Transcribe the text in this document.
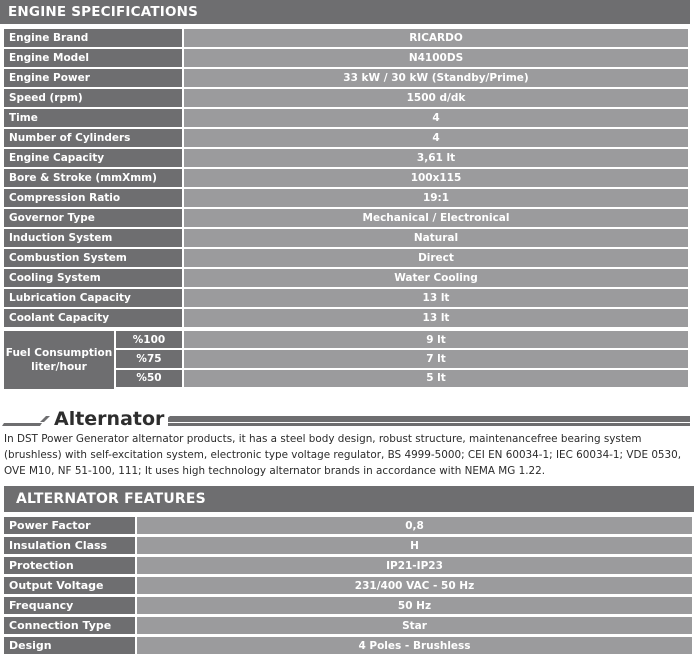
ENGINE SPECIFICATIONS
Engine Brand	RICARDO
Engine Model	N4100DS
Engine Power	33 kW / 30 kW (Standby/Prime)
Speed (rpm)	1500 d/dk
Time	4
Number of Cylinders	4
Engine Capacity	3,61 lt
Bore & Stroke (mmXmm)	100x115
Compression Ratio	19:1
Governor Type	Mechanical / Electronical
Induction System	Natural
Combustion System	Direct
Cooling System	Water Cooling
Lubrication Capacity	13 lt
Coolant Capacity	13 lt
Fuel Consumption liter/hour
%100	9 lt
%75	7 lt
%50	5 lt
Alternator
In DST Power Generator alternator products, it has a steel body design, robust structure, maintenancefree bearing system (brushless) with self-excitation system, electronic type voltage regulator, BS 4999-5000; CEI EN 60034-1; IEC 60034-1; VDE 0530, OVE M10, NF 51-100, 111; It uses high technology alternator brands in accordance with NEMA MG 1.22.
ALTERNATOR FEATURES
Power Factor	0,8
Insulation Class	H
Protection	IP21-IP23
Output Voltage	231/400 VAC - 50 Hz
Frequancy	50 Hz
Connection Type	Star
Design	4 Poles - Brushless
